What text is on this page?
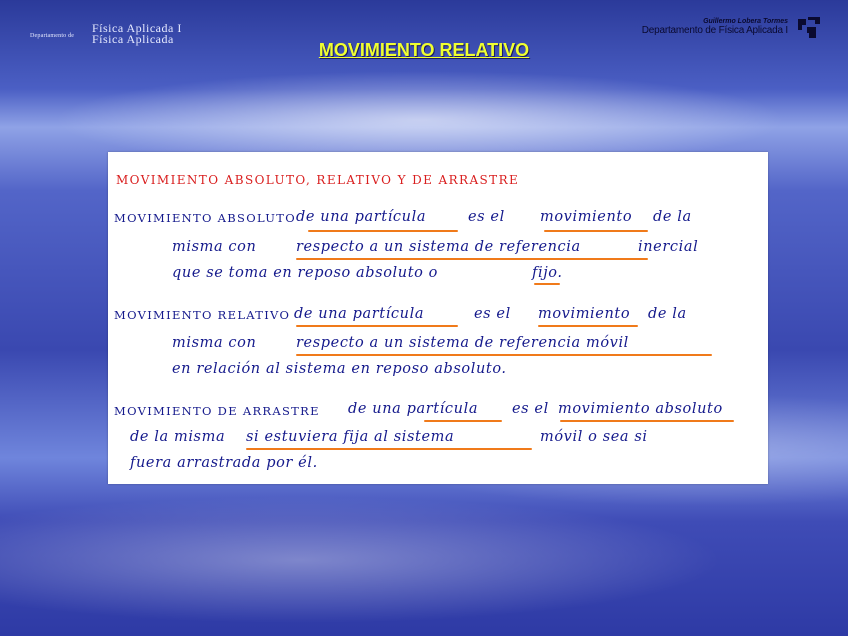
Departamento de
Física Aplicada I
Física Aplicada
Guillermo Lobera Tormes
Departamento de Física Aplicada I
MOVIMIENTO RELATIVO
MOVIMIENTO ABSOLUTO, RELATIVO Y DE ARRASTRE
MOVIMIENTO ABSOLUTO de una partícula	es el movimiento de la
misma con	respecto a un sistema de referencia	inercial
que se toma en reposo absoluto o	fijo.
MOVIMIENTO RELATIVO de una partícula	es el movimiento de la
misma con	respecto a un sistema de referencia móvil
en relación al sistema en reposo absoluto.
MOVIMIENTO DE ARRASTRE de una partícula es el movimiento absoluto
de la misma si estuviera fija al sistema	móvil o sea si
fuera arrastrada por él.
